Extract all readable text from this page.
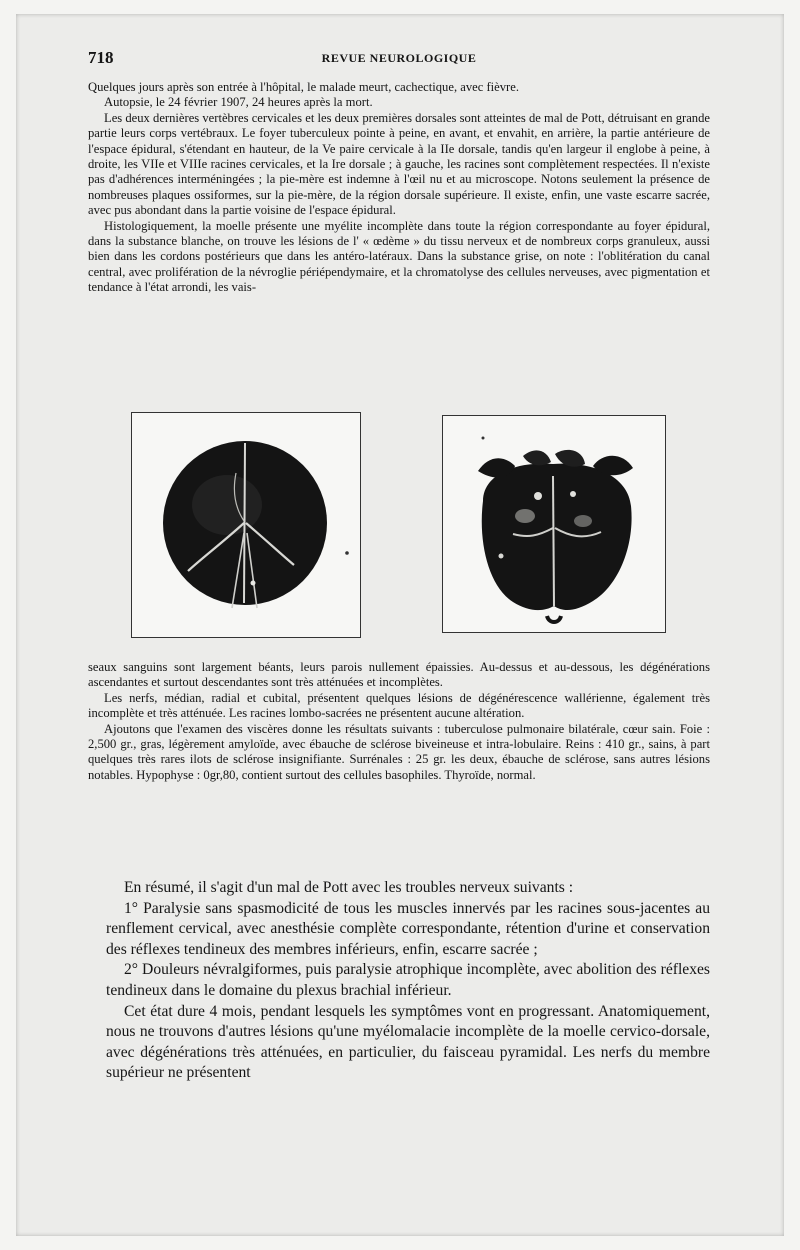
718	REVUE NEUROLOGIQUE

Quelques jours après son entrée à l'hôpital, le malade meurt, cachectique, avec fièvre.

Autopsie, le 24 février 1907, 24 heures après la mort.

Les deux dernières vertèbres cervicales et les deux premières dorsales sont atteintes de mal de Pott, détruisant en grande partie leurs corps vertébraux. Le foyer tuberculeux pointe à peine, en avant, et envahit, en arrière, la partie antérieure de l'espace épidural, s'étendant en hauteur, de la Ve paire cervicale à la IIe dorsale, tandis qu'en largeur il englobe à peine, à droite, les VIIe et VIIIe racines cervicales, et la Ire dorsale ; à gauche, les racines sont complètement respectées. Il n'existe pas d'adhérences interméningées ; la pie-mère est indemne à l'œil nu et au microscope. Notons seulement la présence de nombreuses plaques ossiformes, sur la pie-mère, de la région dorsale supérieure. Il existe, enfin, une vaste escarre sacrée, avec pus abondant dans la partie voisine de l'espace épidural.

Histologiquement, la moelle présente une myélite incomplète dans toute la région correspondante au foyer épidural, dans la substance blanche, on trouve les lésions de l' « œdème » du tissu nerveux et de nombreux corps granuleux, aussi bien dans les cordons postérieurs que dans les antéro-latéraux. Dans la substance grise, on note : l'oblitération du canal central, avec prolifération de la névroglie périépendymaire, et la chromatolyse des cellules nerveuses, avec pigmentation et tendance à l'état arrondi, les vais-

seaux sanguins sont largement béants, leurs parois nullement épaissies. Au-dessus et au-dessous, les dégénérations ascendantes et surtout descendantes sont très atténuées et incomplètes.

Les nerfs, médian, radial et cubital, présentent quelques lésions de dégénérescence wallérienne, également très incomplète et très atténuée. Les racines lombo-sacrées ne présentent aucune altération.

Ajoutons que l'examen des viscères donne les résultats suivants : tuberculose pulmonaire bilatérale, cœur sain. Foie : 2,500 gr., gras, légèrement amyloïde, avec ébauche de sclérose biveineuse et intra-lobulaire. Reins : 410 gr., sains, à part quelques très rares ilots de sclérose insignifiante. Surrénales : 25 gr. les deux, ébauche de sclérose, sans autres lésions notables. Hypophyse : 0gr,80, contient surtout des cellules basophiles. Thyroïde, normal.

En résumé, il s'agit d'un mal de Pott avec les troubles nerveux suivants :

1° Paralysie sans spasmodicité de tous les muscles innervés par les racines sous-jacentes au renflement cervical, avec anesthésie complète correspondante, rétention d'urine et conservation des réflexes tendineux des membres inférieurs, enfin, escarre sacrée ;

2° Douleurs névralgiformes, puis paralysie atrophique incomplète, avec abolition des réflexes tendineux dans le domaine du plexus brachial inférieur.

Cet état dure 4 mois, pendant lesquels les symptômes vont en progressant. Anatomiquement, nous ne trouvons d'autres lésions qu'une myélomalacie incomplète de la moelle cervico-dorsale, avec dégénérations très atténuées, en particulier, du faisceau pyramidal. Les nerfs du membre supérieur ne présentent
